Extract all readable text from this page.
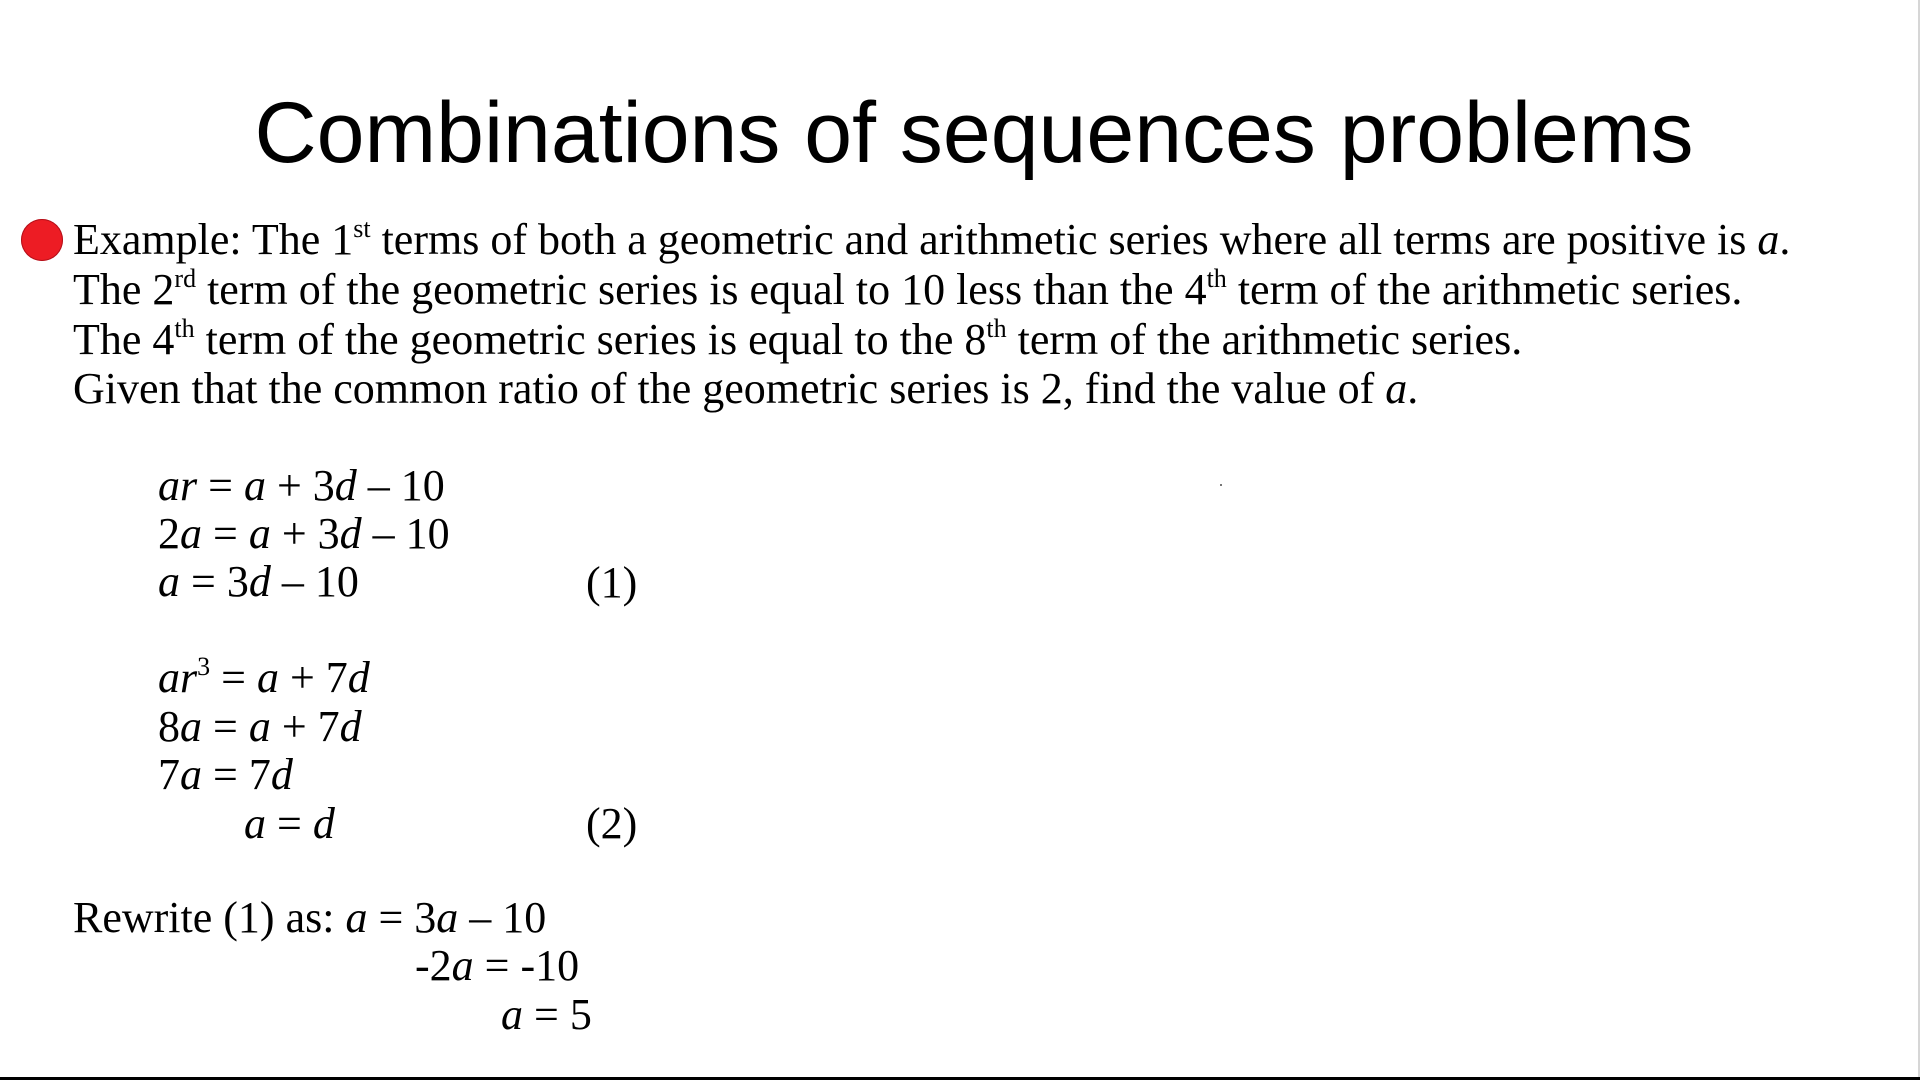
Combinations of sequences problems
Example: The 1st terms of both a geometric and arithmetic series where all terms are positive is a.
The 2rd term of the geometric series is equal to 10 less than the 4th term of the arithmetic series.
The 4th term of the geometric series is equal to the 8th term of the arithmetic series.
Given that the common ratio of the geometric series is 2, find the value of a.
ar = a + 3d – 10
2a = a + 3d – 10
a = 3d – 10	(1)
$ar^3 = a + 7d$
8a = a + 7d
7a = 7d
a = d	(2)
Rewrite (1) as: a = 3a – 10
-2a = -10
a = 5
